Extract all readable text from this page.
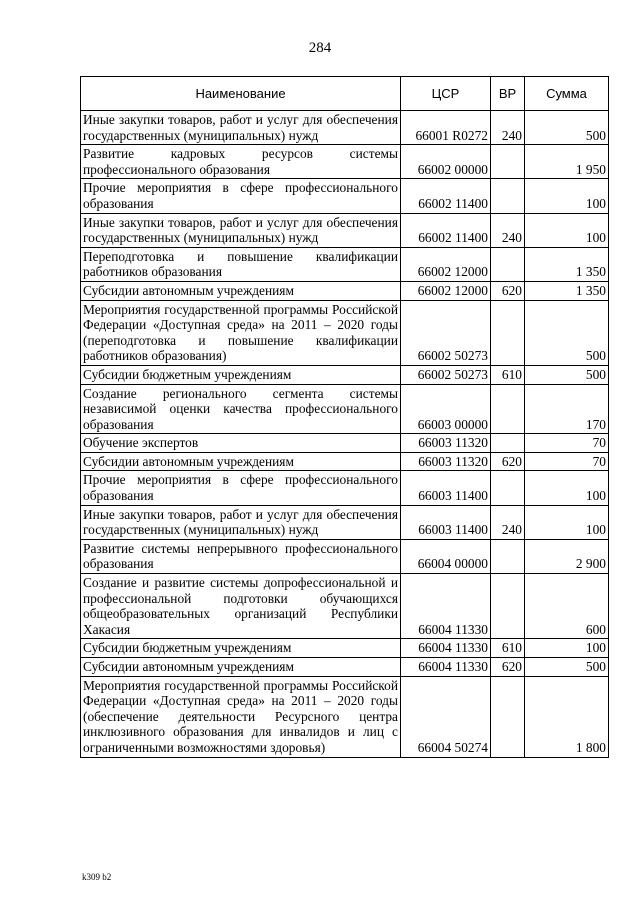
284
Наименование	ЦСР	ВР	Сумма
Иные закупки товаров, работ и услуг для обеспечения государственных (муниципальных) нужд	66001 R0272	240	500
Развитие кадровых ресурсов системы профессионального образования	66002 00000		1 950
Прочие мероприятия в сфере профессионального образования	66002 11400		100
Иные закупки товаров, работ и услуг для обеспечения государственных (муниципальных) нужд	66002 11400	240	100
Переподготовка и повышение квалификации работников образования	66002 12000		1 350
Субсидии автономным учреждениям	66002 12000	620	1 350
Мероприятия государственной программы Российской Федерации «Доступная среда» на 2011 – 2020 годы (переподготовка и повышение квалификации работников образования)	66002 50273		500
Субсидии бюджетным учреждениям	66002 50273	610	500
Создание регионального сегмента системы независимой оценки качества профессионального образования	66003 00000		170
Обучение экспертов	66003 11320		70
Субсидии автономным учреждениям	66003 11320	620	70
Прочие мероприятия в сфере профессионального образования	66003 11400		100
Иные закупки товаров, работ и услуг для обеспечения государственных (муниципальных) нужд	66003 11400	240	100
Развитие системы непрерывного профессионального образования	66004 00000		2 900
Создание и развитие системы допрофессиональной и профессиональной подготовки обучающихся общеобразовательных организаций Республики Хакасия	66004 11330		600
Субсидии бюджетным учреждениям	66004 11330	610	100
Субсидии автономным учреждениям	66004 11330	620	500
Мероприятия государственной программы Российской Федерации «Доступная среда» на 2011 – 2020 годы (обеспечение деятельности Ресурсного центра инклюзивного образования для инвалидов и лиц с ограниченными возможностями здоровья)	66004 50274		1 800
k309 b2
